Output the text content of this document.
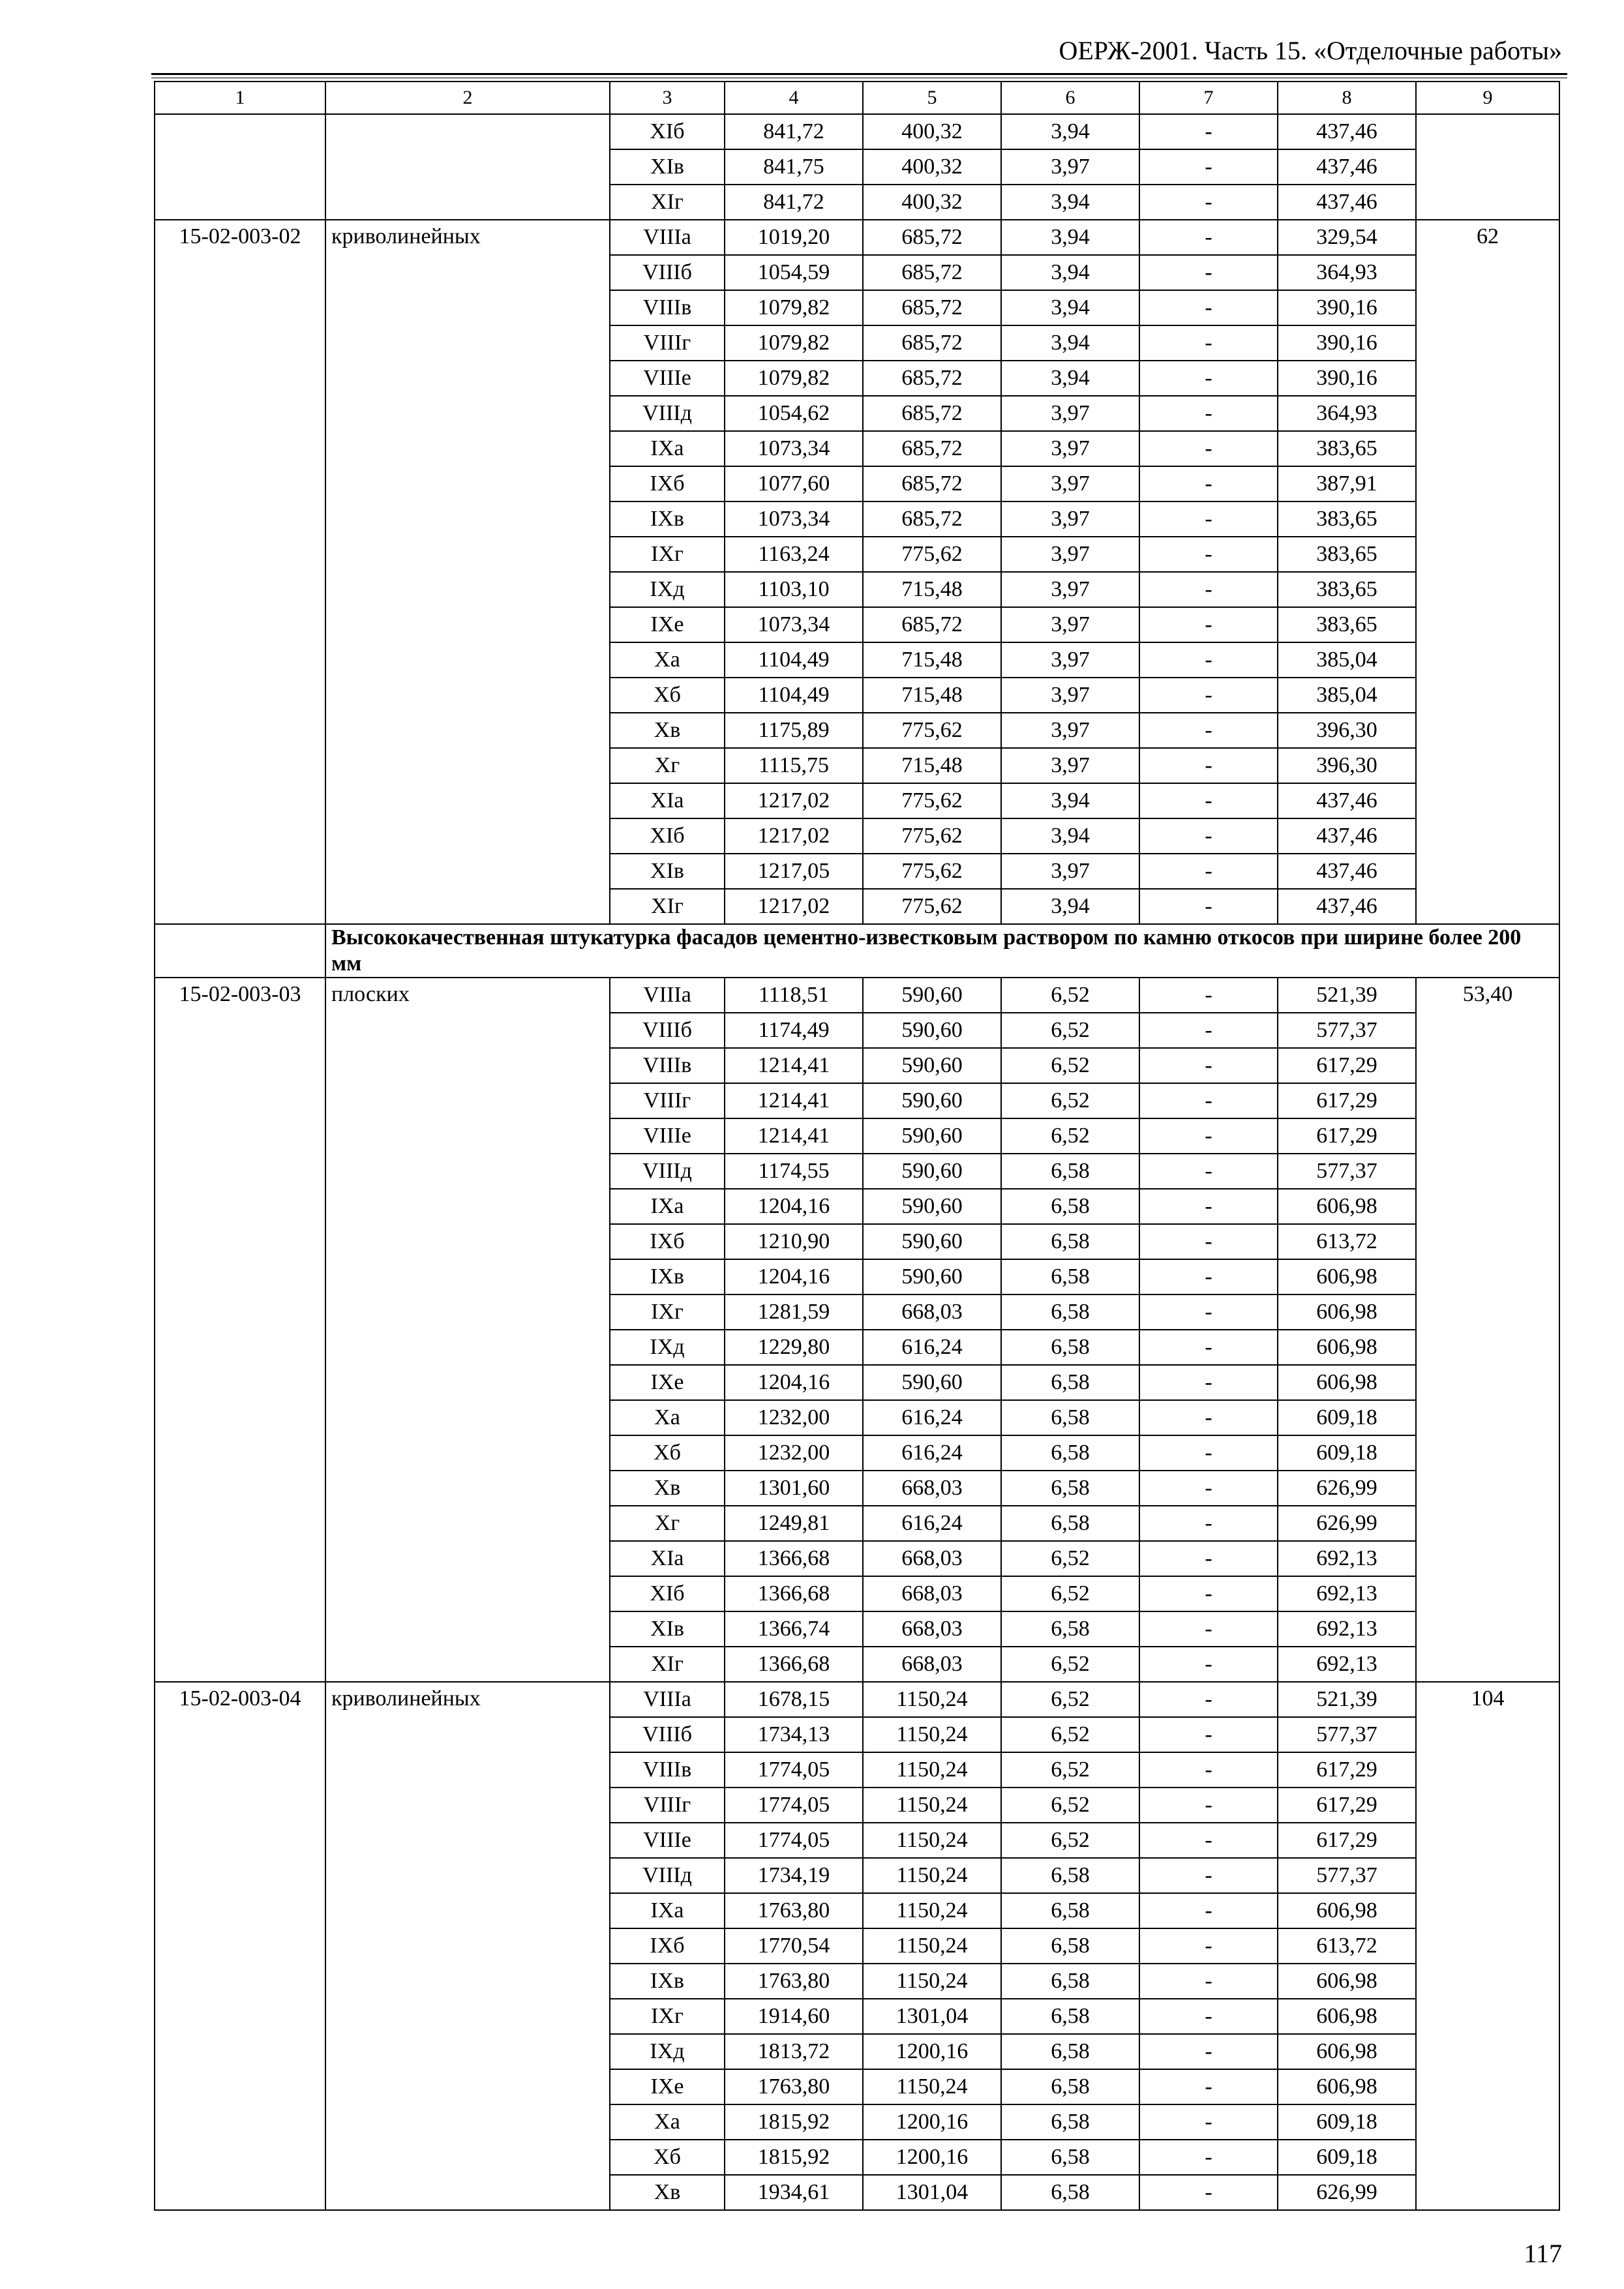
ОЕРЖ-2001. Часть 15. «Отделочные работы»
1	2	3	4	5	6	7	8	9
		XIб	841,72	400,32	3,94	-	437,46	
		XIв	841,75	400,32	3,97	-	437,46	
		XIг	841,72	400,32	3,94	-	437,46	
15-02-003-02	криволинейных	VIIIа	1019,20	685,72	3,94	-	329,54	62
		VIIIб	1054,59	685,72	3,94	-	364,93	
		VIIIв	1079,82	685,72	3,94	-	390,16	
		VIIIг	1079,82	685,72	3,94	-	390,16	
		VIIIе	1079,82	685,72	3,94	-	390,16	
		VIIIд	1054,62	685,72	3,97	-	364,93	
		IXа	1073,34	685,72	3,97	-	383,65	
		IXб	1077,60	685,72	3,97	-	387,91	
		IXв	1073,34	685,72	3,97	-	383,65	
		IXг	1163,24	775,62	3,97	-	383,65	
		IXд	1103,10	715,48	3,97	-	383,65	
		IXе	1073,34	685,72	3,97	-	383,65	
		Xа	1104,49	715,48	3,97	-	385,04	
		Xб	1104,49	715,48	3,97	-	385,04	
		Xв	1175,89	775,62	3,97	-	396,30	
		Xг	1115,75	715,48	3,97	-	396,30	
		XIа	1217,02	775,62	3,94	-	437,46	
		XIб	1217,02	775,62	3,94	-	437,46	
		XIв	1217,05	775,62	3,97	-	437,46	
		XIг	1217,02	775,62	3,94	-	437,46	
	Высококачественная штукатурка фасадов цементно-известковым раствором по камню откосов при ширине более 200 мм							
15-02-003-03	плоских	VIIIа	1118,51	590,60	6,52	-	521,39	53,40
		VIIIб	1174,49	590,60	6,52	-	577,37	
		VIIIв	1214,41	590,60	6,52	-	617,29	
		VIIIг	1214,41	590,60	6,52	-	617,29	
		VIIIе	1214,41	590,60	6,52	-	617,29	
		VIIIд	1174,55	590,60	6,58	-	577,37	
		IXа	1204,16	590,60	6,58	-	606,98	
		IXб	1210,90	590,60	6,58	-	613,72	
		IXв	1204,16	590,60	6,58	-	606,98	
		IXг	1281,59	668,03	6,58	-	606,98	
		IXд	1229,80	616,24	6,58	-	606,98	
		IXе	1204,16	590,60	6,58	-	606,98	
		Xа	1232,00	616,24	6,58	-	609,18	
		Xб	1232,00	616,24	6,58	-	609,18	
		Xв	1301,60	668,03	6,58	-	626,99	
		Xг	1249,81	616,24	6,58	-	626,99	
		XIа	1366,68	668,03	6,52	-	692,13	
		XIб	1366,68	668,03	6,52	-	692,13	
		XIв	1366,74	668,03	6,58	-	692,13	
		XIг	1366,68	668,03	6,52	-	692,13	
15-02-003-04	криволинейных	VIIIа	1678,15	1150,24	6,52	-	521,39	104
		VIIIб	1734,13	1150,24	6,52	-	577,37	
		VIIIв	1774,05	1150,24	6,52	-	617,29	
		VIIIг	1774,05	1150,24	6,52	-	617,29	
		VIIIе	1774,05	1150,24	6,52	-	617,29	
		VIIIд	1734,19	1150,24	6,58	-	577,37	
		IXа	1763,80	1150,24	6,58	-	606,98	
		IXб	1770,54	1150,24	6,58	-	613,72	
		IXв	1763,80	1150,24	6,58	-	606,98	
		IXг	1914,60	1301,04	6,58	-	606,98	
		IXд	1813,72	1200,16	6,58	-	606,98	
		IXе	1763,80	1150,24	6,58	-	606,98	
		Xа	1815,92	1200,16	6,58	-	609,18	
		Xб	1815,92	1200,16	6,58	-	609,18	
		Xв	1934,61	1301,04	6,58	-	626,99	
117
